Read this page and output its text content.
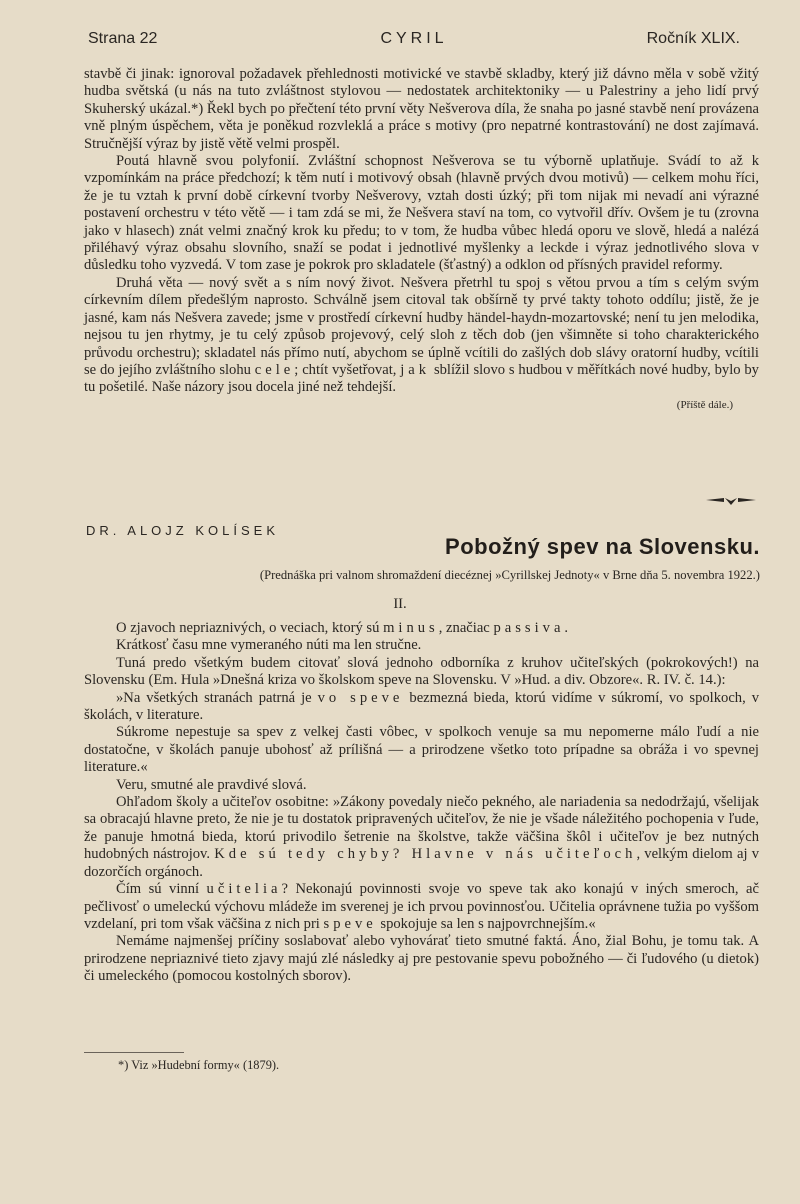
Strana 22	CYRIL	Ročník XLIX.

stavbě či jinak: ignoroval požadavek přehlednosti motivické ve stavbě skladby, který již dávno měla v sobě vžitý hudba světská (u nás na tuto zvláštnost stylovou — nedostatek architektoniky — u Palestriny a jeho lidí prvý Skuherský ukázal.*) Řekl bych po přečtení této první věty Nešverova díla, že snaha po jasné stavbě není provázena vně plným úspěchem, věta je poněkud rozvleklá a práce s motivy (pro nepatrné kontrastování) ne dost zajímavá. Stručnější výraz by jistě větě velmi prospěl.

Poutá hlavně svou polyfonií. Zvláštní schopnost Nešverova se tu výborně uplatňuje. Svádí to až k vzpomínkám na práce předchozí; k těm nutí i motivový obsah (hlavně prvých dvou motivů) — celkem mohu říci, že je tu vztah k první době církevní tvorby Nešverovy, vztah dosti úzký; při tom nijak mi nevadí ani výrazné postavení orchestru v této větě — i tam zdá se mi, že Nešvera staví na tom, co vytvořil dřív. Ovšem je tu (zrovna jako v hlasech) znát velmi značný krok ku předu; to v tom, že hudba vůbec hledá oporu ve slově, hledá a nalézá přiléhavý výraz obsahu slovního, snaží se podat i jednotlivé myšlenky a leckde i výraz jednotlivého slova v důsledku toho vyzvedá. V tom zase je pokrok pro skladatele (šťastný) a odklon od přísných pravidel reformy.

Druhá věta — nový svět a s ním nový život. Nešvera přetrhl tu spoj s větou prvou a tím s celým svým církevním dílem předešlým naprosto. Schválně jsem citoval tak obšírně ty prvé takty tohoto oddílu; jistě, že je jasné, kam nás Nešvera zavede; jsme v prostředí církevní hudby händel-haydn-mozartovské; není tu jen melodika, nejsou tu jen rhytmy, je tu celý způsob projevový, celý sloh z těch dob (jen všimněte si toho charakterického průvodu orchestru); skladatel nás přímo nutí, abychom se úplně vcítili do zašlých dob slávy oratorní hudby, vcítili se do jejího zvláštního slohu cele; chtít vyšetřovat, jak sblížil slovo s hudbou v měřítkách nové hudby, bylo by tu pošetilé. Naše názory jsou docela jiné než tehdejší.

(Příště dále.)

DR. ALOJZ KOLÍSEK
Pobožný spev na Slovensku.
(Prednáška pri valnom shromaždení diecéznej »Cyrillskej Jednoty« v Brne dňa 5. novembra 1922.)
II.

O zjavoch nepriaznivých, o veciach, ktorý sú minus, značiac passiva.

Krátkosť času mne vymeraného núti ma len stručne.

Tuná predo všetkým budem citovať slová jednoho odborníka z kruhov učiteľských (pokrokových!) na Slovensku (Em. Hula »Dnešná kriza vo školskom speve na Slovensku. V »Hud. a div. Obzore«. R. IV. č. 14.):

»Na všetkých stranách patrná je vo speve bezmezná bieda, ktorú vidíme v súkromí, vo spolkoch, v školách, v literature.

Súkrome nepestuje sa spev z velkej časti vôbec, v spolkoch venuje sa mu nepomerne málo ľudí a nie dostatočne, v školách panuje ubohosť až prílišná — a prirodzene všetko toto prípadne sa obráža i vo spevnej literature.«

Veru, smutné ale pravdivé slová.

Ohľadom školy a učiteľov osobitne: »Zákony povedaly niečo pekného, ale nariadenia sa nedodržajú, všelijak sa obracajú hlavne preto, že nie je tu dostatok pripravených učiteľov, že nie je všade náležitého pochopenia v ľude, že panuje hmotná bieda, ktorú privodilo šetrenie na školstve, takže väčšina škôl i učiteľov je bez nutných hudobných nástrojov. Kde sú tedy chyby? Hlavne v nás učiteľoch, velkým dielom aj v dozorčích orgánoch.

Čím sú vinní učitelia? Nekonajú povinnosti svoje vo speve tak ako konajú v iných smeroch, ač pečlivosť o umeleckú výchovu mládeže im sverenej je ich prvou povinnosťou. Učitelia oprávnene tužia po vyššom vzdelaní, pri tom však väčšina z nich pri speve spokojuje sa len s najpovrchnejším.«

Nemáme najmenšej príčiny soslabovať alebo vyhovárať tieto smutné faktá. Áno, žial Bohu, je tomu tak. A prirodzene nepriaznivé tieto zjavy majú zlé následky aj pre pestovanie spevu pobožného — či ľudového (u dietok) či umeleckého (pomocou kostolných sborov).

*) Viz »Hudební formy« (1879).
